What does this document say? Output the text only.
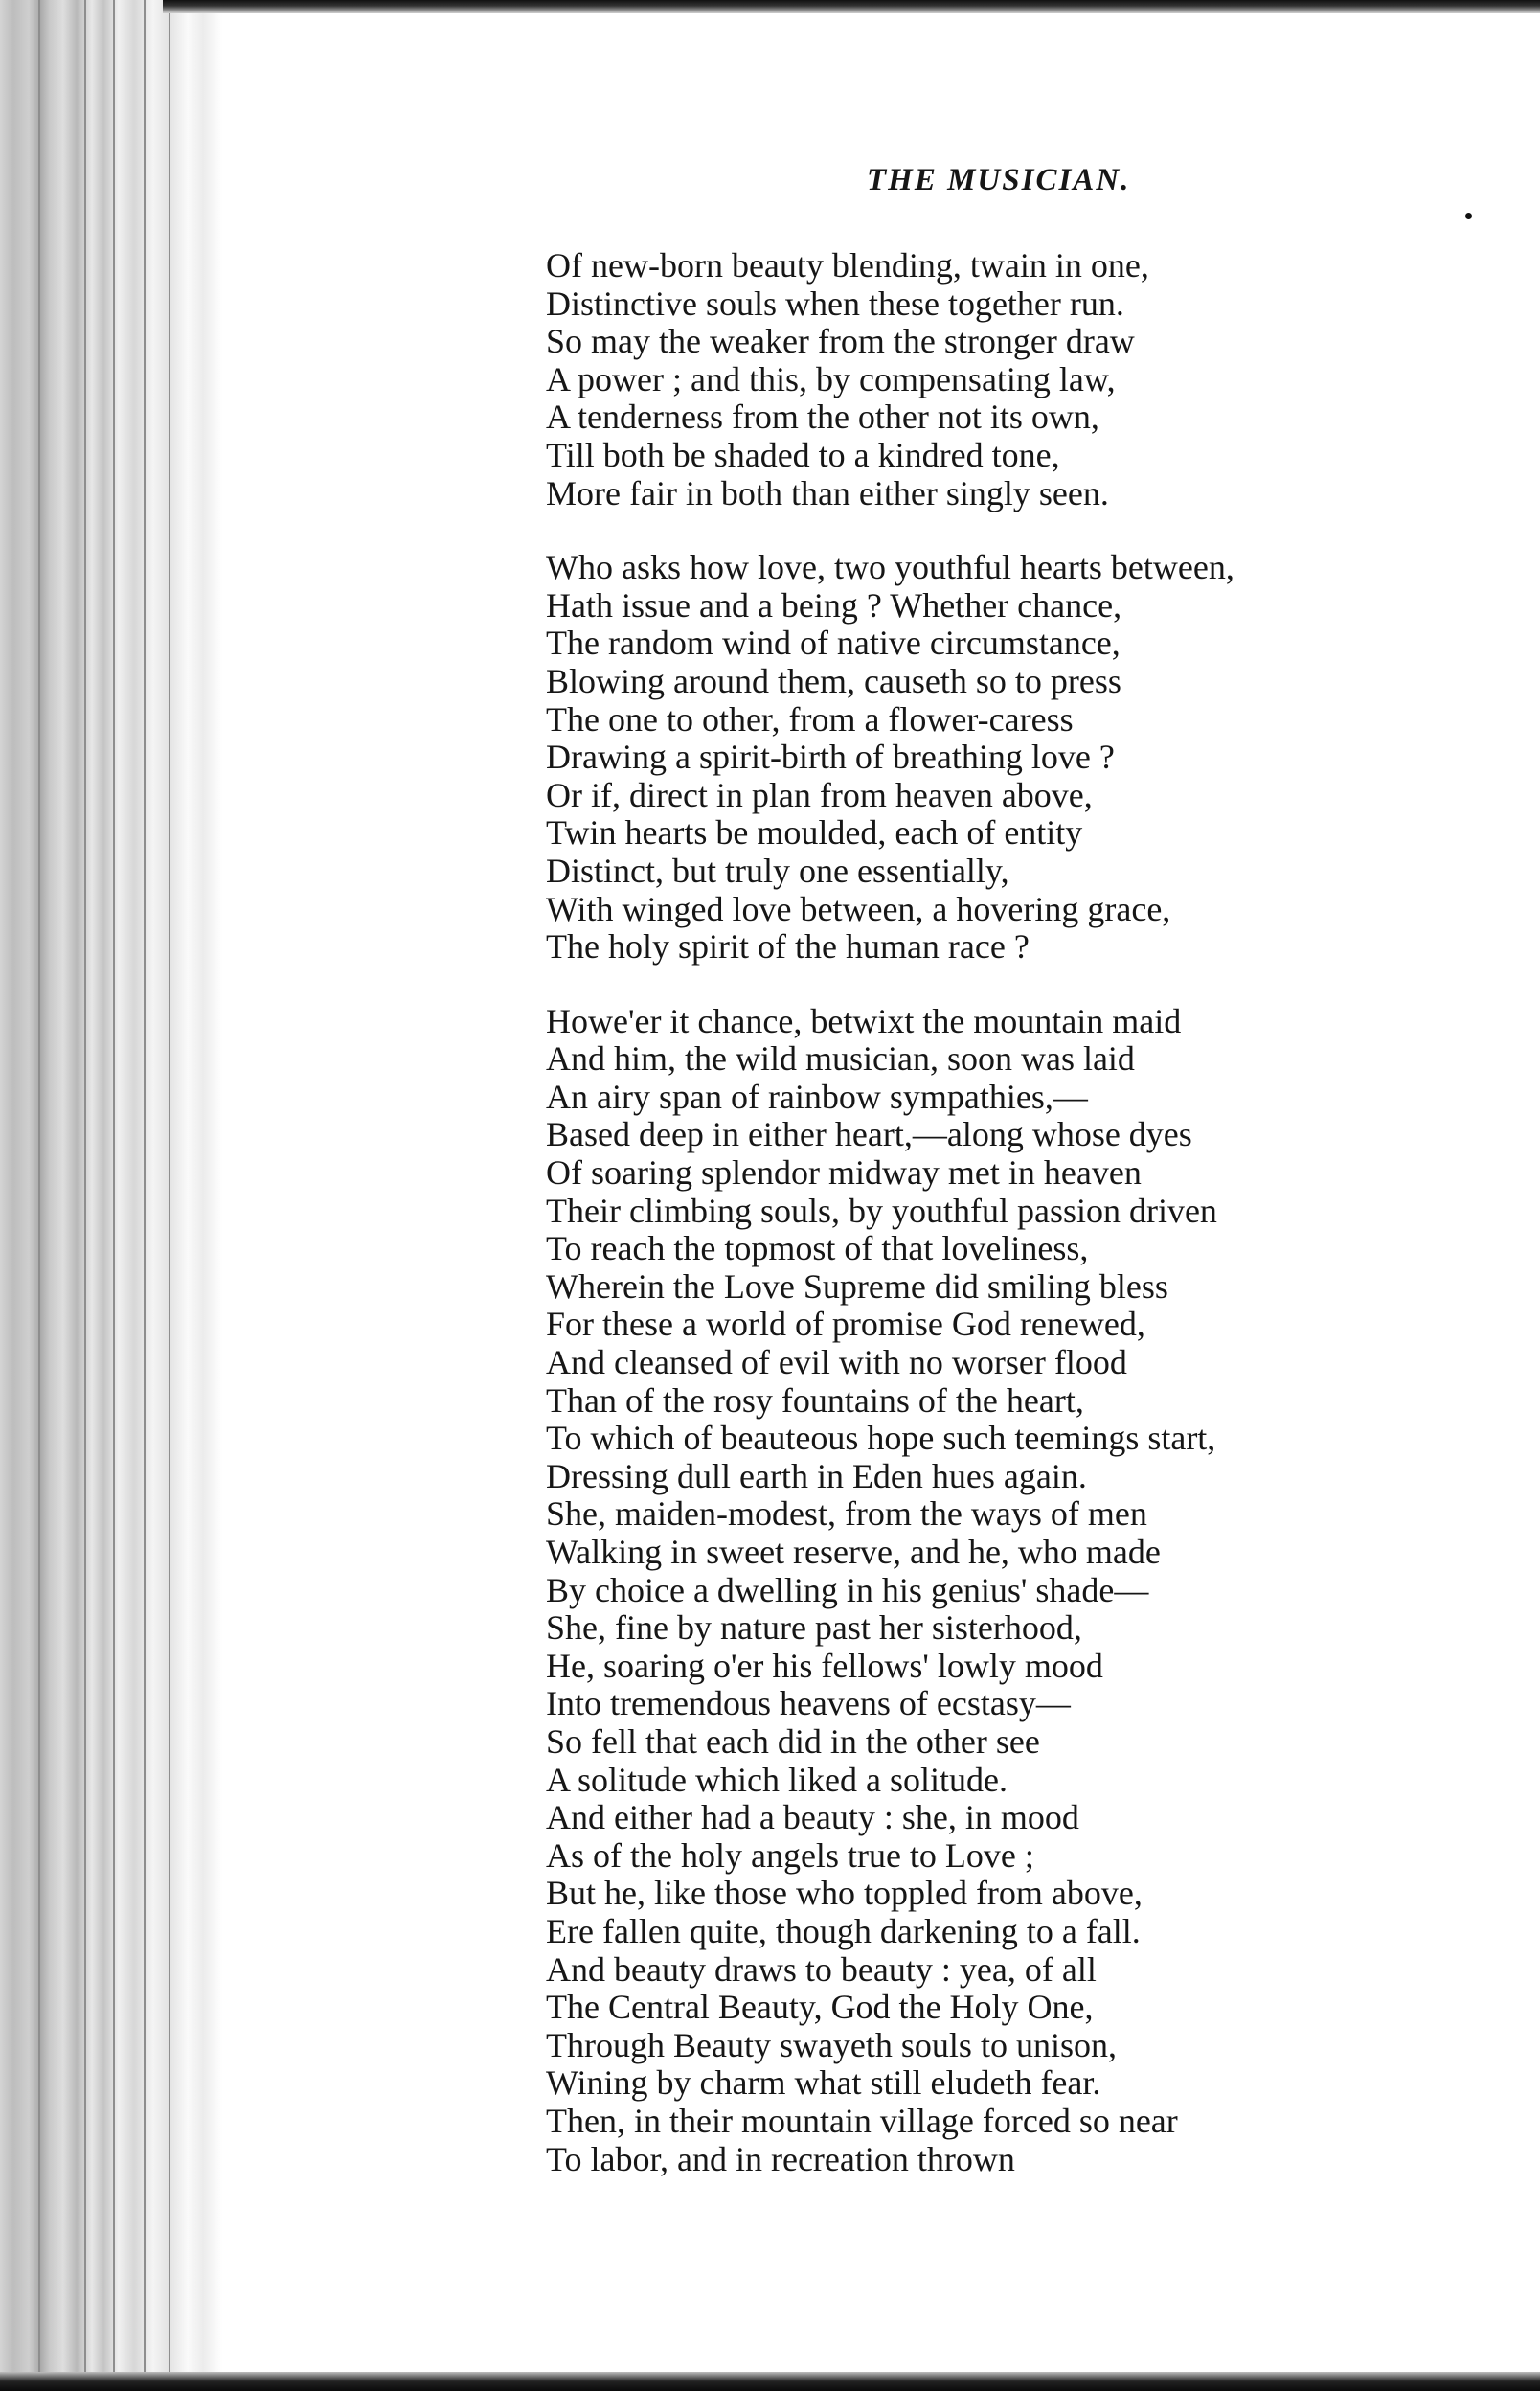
THE MUSICIAN.
Of new-born beauty blending, twain in one,
Distinctive souls when these together run.
So may the weaker from the stronger draw
A power ; and this, by compensating law,
A tenderness from the other not its own,
Till both be shaded to a kindred tone,
More fair in both than either singly seen.
Who asks how love, two youthful hearts between,
Hath issue and a being ? Whether chance,
The random wind of native circumstance,
Blowing around them, causeth so to press
The one to other, from a flower-caress
Drawing a spirit-birth of breathing love ?
Or if, direct in plan from heaven above,
Twin hearts be moulded, each of entity
Distinct, but truly one essentially,
With winged love between, a hovering grace,
The holy spirit of the human race ?
Howe'er it chance, betwixt the mountain maid
And him, the wild musician, soon was laid
An airy span of rainbow sympathies,—
Based deep in either heart,—along whose dyes
Of soaring splendor midway met in heaven
Their climbing souls, by youthful passion driven
To reach the topmost of that loveliness,
Wherein the Love Supreme did smiling bless
For these a world of promise God renewed,
And cleansed of evil with no worser flood
Than of the rosy fountains of the heart,
To which of beauteous hope such teemings start,
Dressing dull earth in Eden hues again.
She, maiden-modest, from the ways of men
Walking in sweet reserve, and he, who made
By choice a dwelling in his genius' shade—
She, fine by nature past her sisterhood,
He, soaring o'er his fellows' lowly mood
Into tremendous heavens of ecstasy—
So fell that each did in the other see
A solitude which liked a solitude.
And either had a beauty : she, in mood
As of the holy angels true to Love ;
But he, like those who toppled from above,
Ere fallen quite, though darkening to a fall.
And beauty draws to beauty : yea, of all
The Central Beauty, God the Holy One,
Through Beauty swayeth souls to unison,
Wining by charm what still eludeth fear.
Then, in their mountain village forced so near
To labor, and in recreation thrown
